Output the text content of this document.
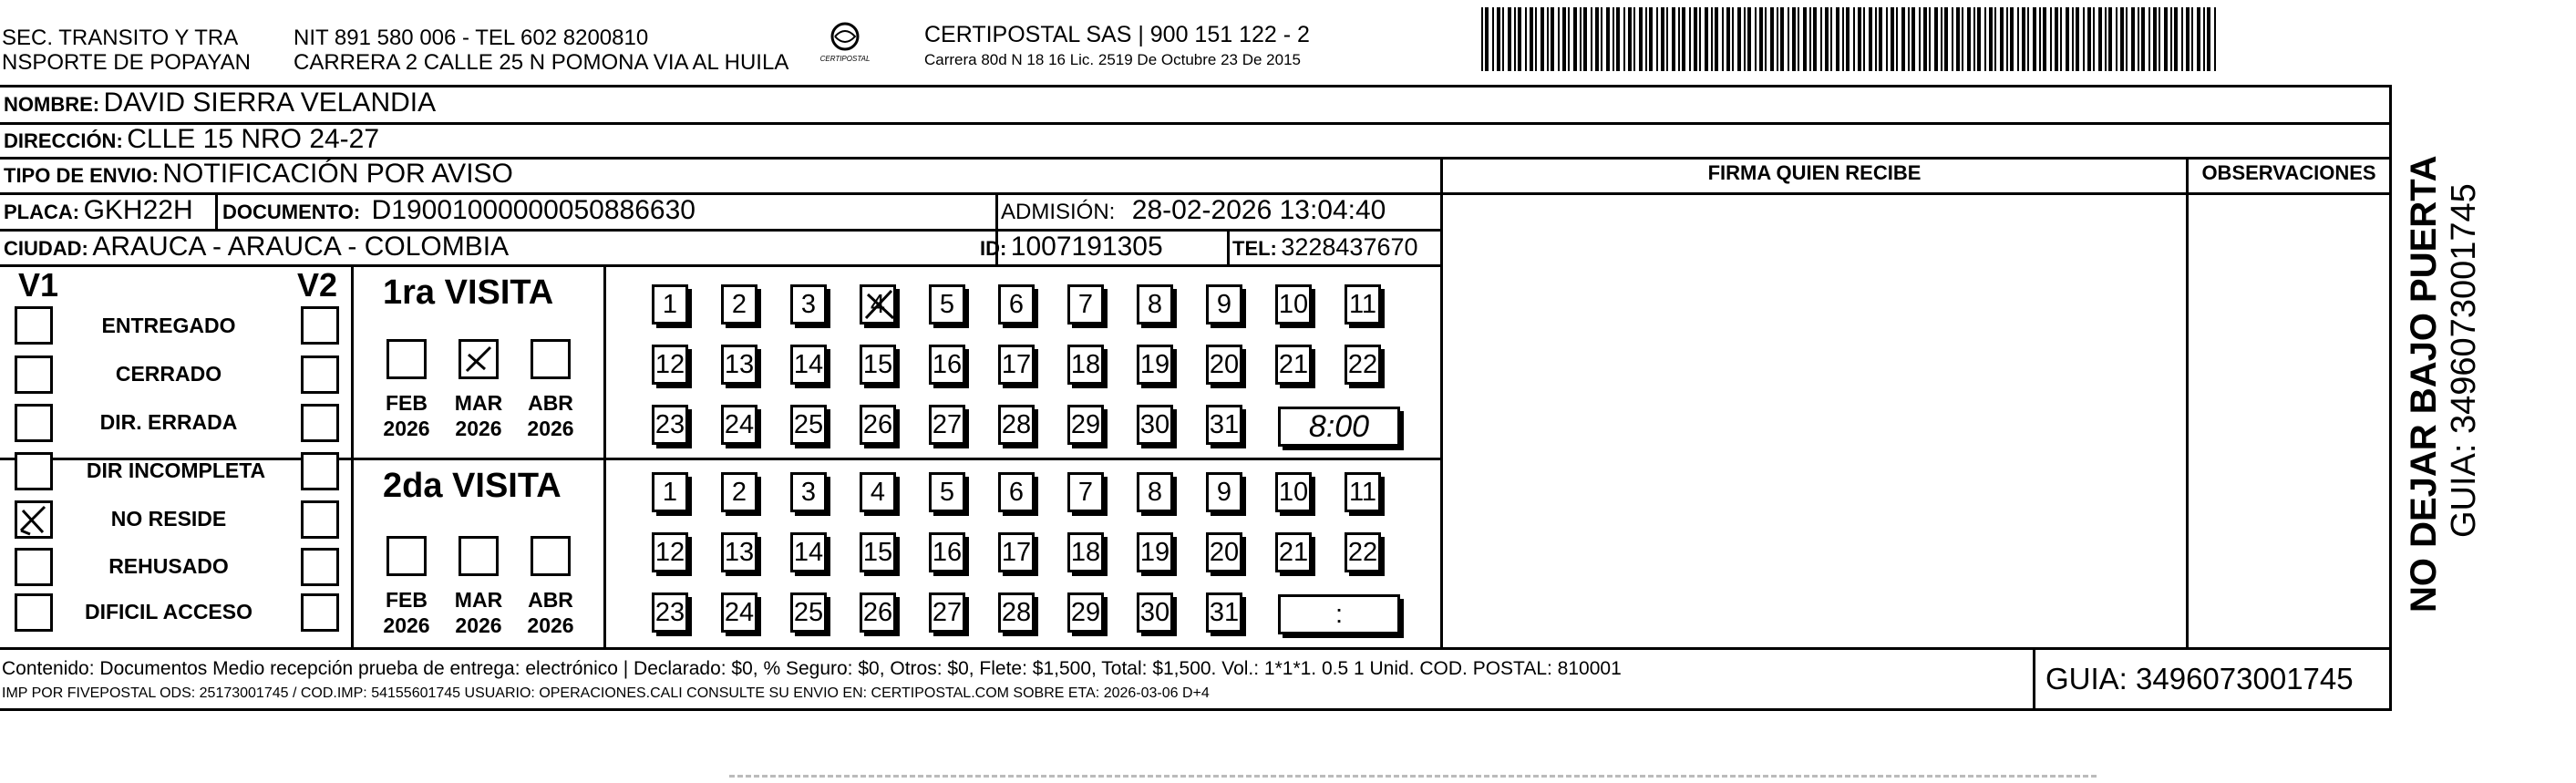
SEC. TRANSITO Y TRA
NSPORTE DE POPAYAN
NIT 891 580 006 - TEL 602 8200810
CARRERA 2 CALLE 25 N POMONA VIA AL HUILA	CERTIPOSTAL
CERTIPOSTAL SAS | 900 151 122 - 2
Carrera 80d N 18 16 Lic. 2519 De Octubre 23 De 2015
NOMBRE: DAVID SIERRA VELANDIA
DIRECCIÓN: CLLE 15 NRO 24-27
TIPO DE ENVIO: NOTIFICACIÓN POR AVISO	FIRMA QUIEN RECIBE	OBSERVACIONES
PLACA: GKH22H DOCUMENTO: D19001000000050886630	ADMISIÓN: 28-02-2026 13:04:40
CIUDAD: ARAUCA - ARAUCA - COLOMBIA	ID: 1007191305	TEL: 3228437670
V1	V2
ENTREGADO
CERRADO
DIR. ERRADA
DIR INCOMPLETA
NO RESIDE
REHUSADO
DIFICIL ACCESO
1ra VISITA
FEB
2026
MAR
2026
ABR
2026
1	2	3	4	5	6	7	8	9	10 11
12 13 14 15 16 17 18 19 20 21 22
23 24 25 26 27 28 29 30 31	8:00
2da VISITA
FEB
2026
MAR
2026
ABR
2026
1	2	3	4	5	6	7	8	9	10 11
12 13 14 15 16 17 18 19 20 21 22
23 24 25 26 27 28 29 30 31	:
Contenido: Documentos Medio recepción prueba de entrega: electrónico | Declarado: $0, % Seguro: $0, Otros: $0, Flete: $1,500, Total: $1,500. Vol.: 1*1*1. 0.5 1 Unid. COD. POSTAL: 810001
IMP POR FIVEPOSTAL ODS: 25173001745 / COD.IMP: 54155601745 USUARIO: OPERACIONES.CALI CONSULTE SU ENVIO EN: CERTIPOSTAL.COM SOBRE ETA: 2026-03-06 D+4	GUIA: 3496073001745
NO DEJAR BAJO PUERTA GUIA: 3496073001745
